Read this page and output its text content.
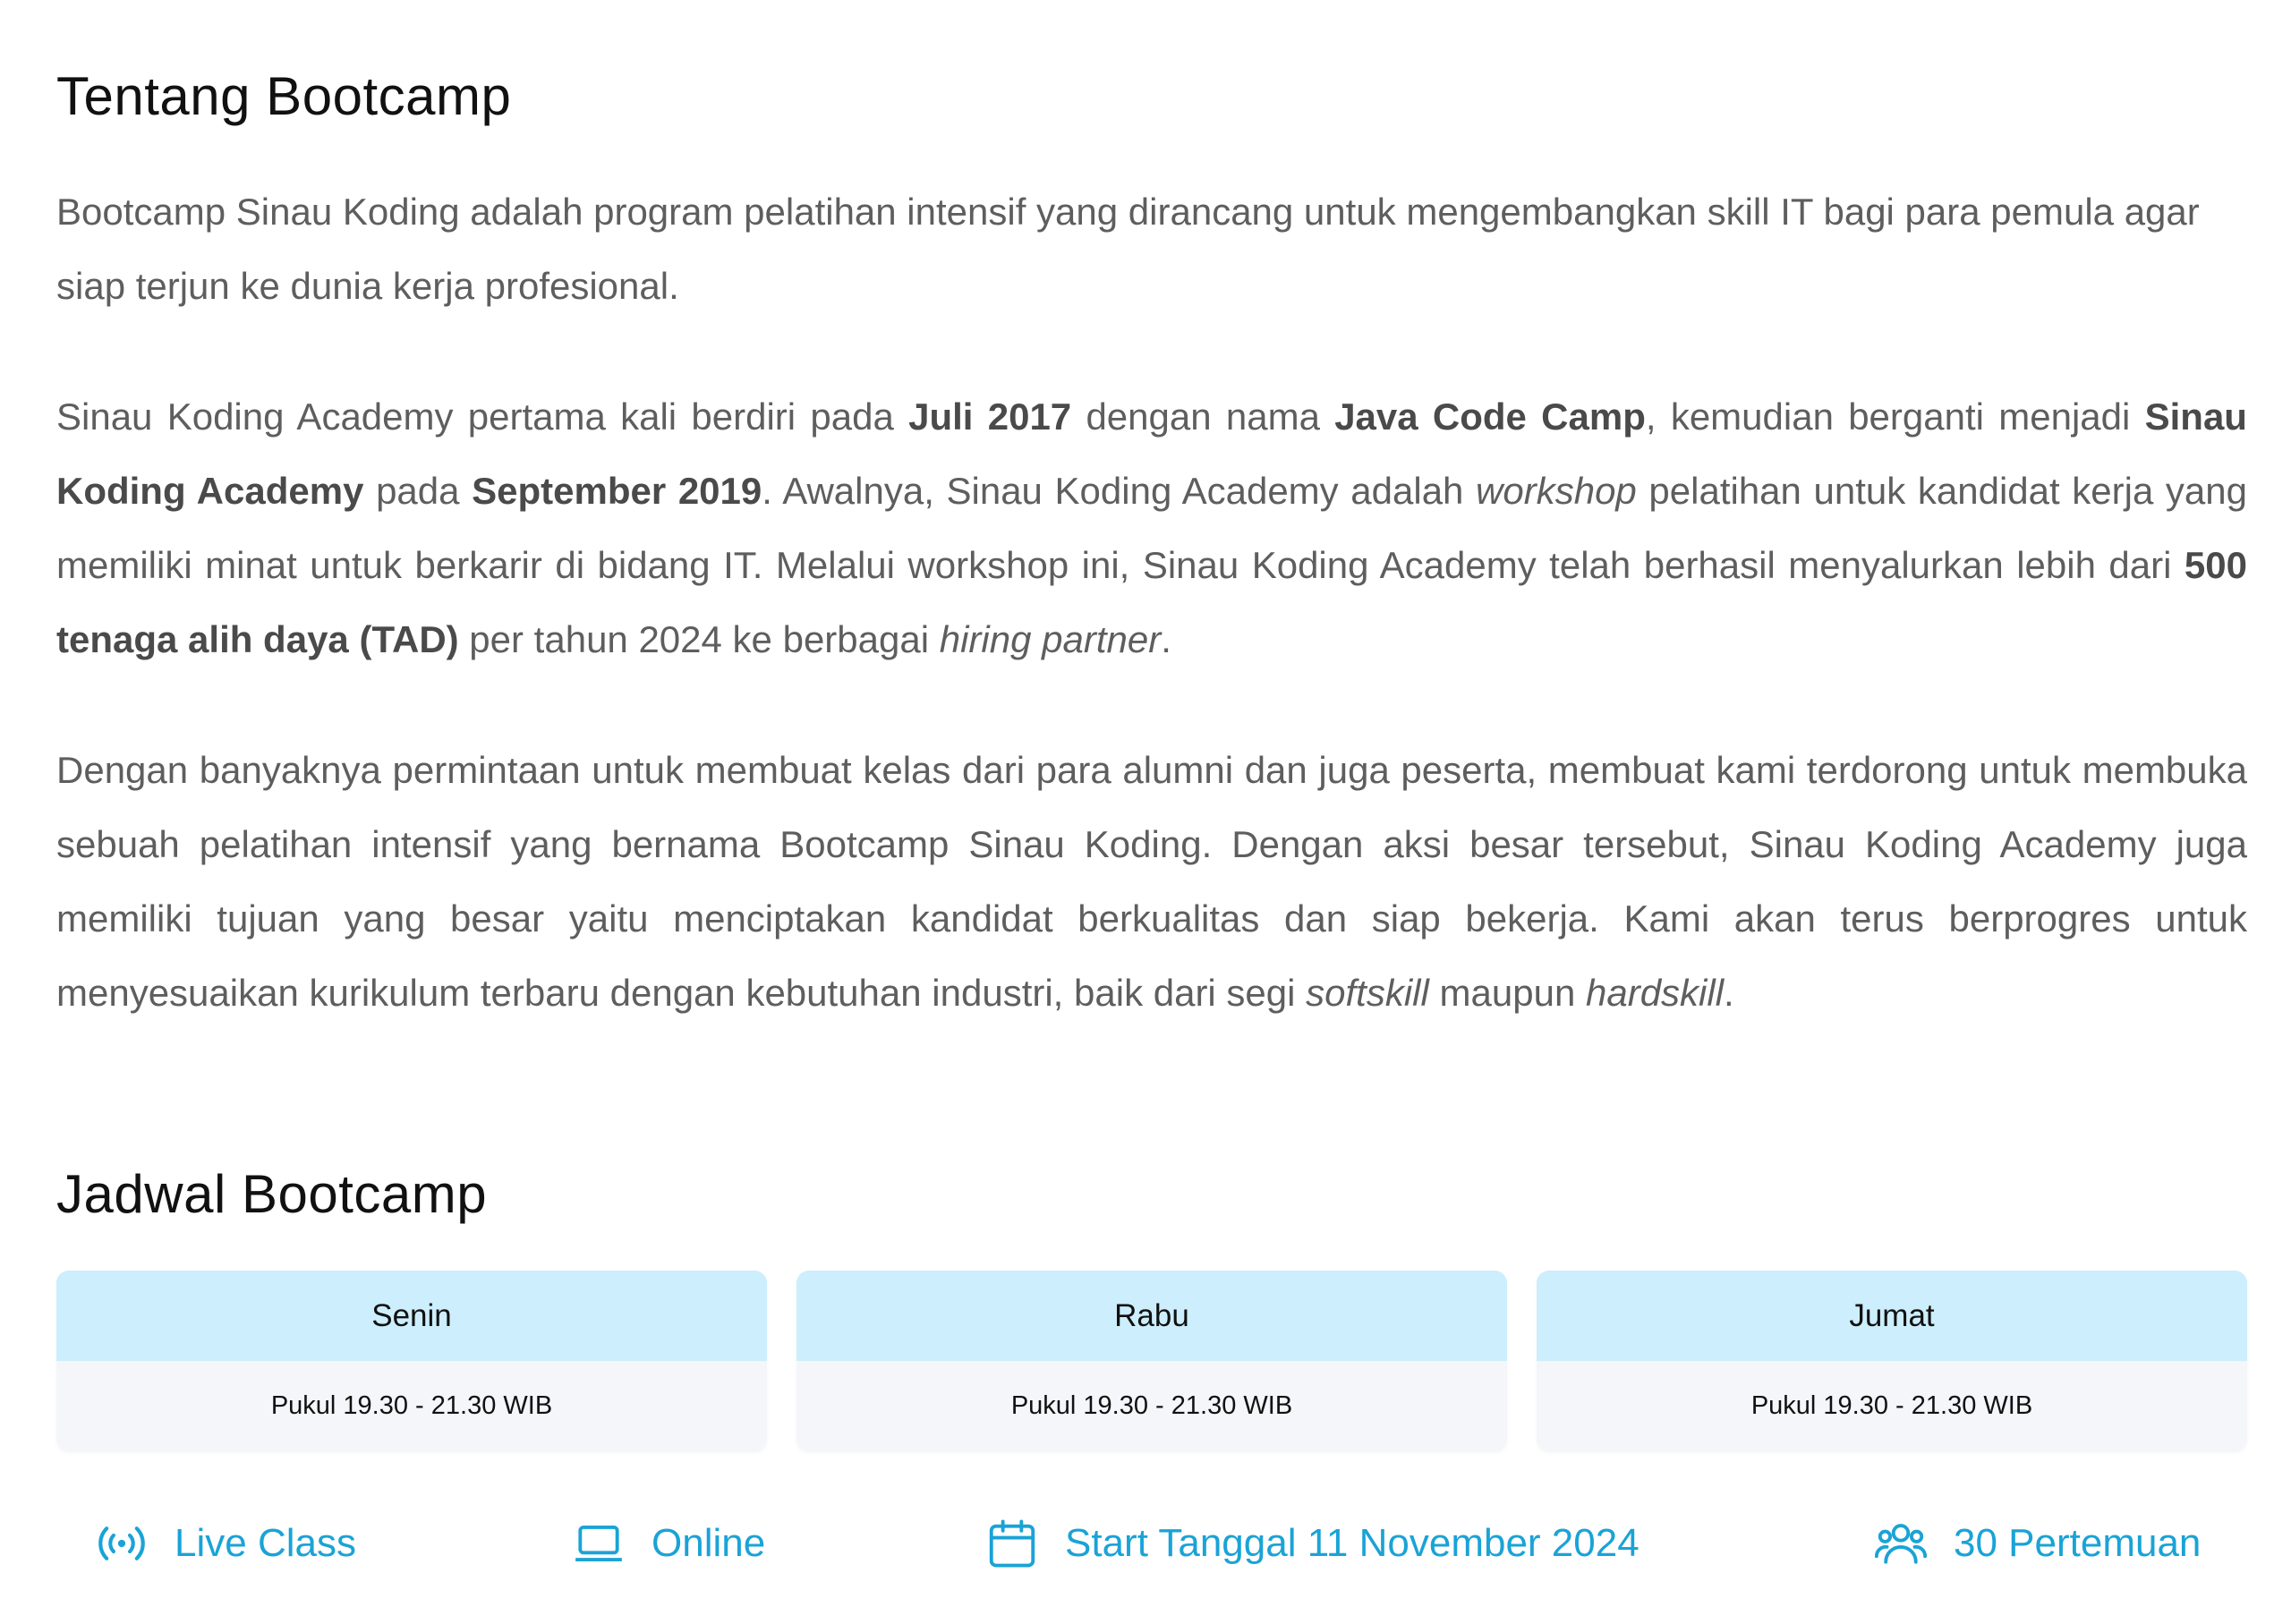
Tentang Bootcamp

Bootcamp Sinau Koding adalah program pelatihan intensif yang dirancang untuk mengembangkan skill IT bagi para pemula agar siap terjun ke dunia kerja profesional.

Sinau Koding Academy pertama kali berdiri pada Juli 2017 dengan nama Java Code Camp, kemudian berganti menjadi Sinau Koding Academy pada September 2019. Awalnya, Sinau Koding Academy adalah workshop pelatihan untuk kandidat kerja yang memiliki minat untuk berkarir di bidang IT. Melalui workshop ini, Sinau Koding Academy telah berhasil menyalurkan lebih dari 500 tenaga alih daya (TAD) per tahun 2024 ke berbagai hiring partner.

Dengan banyaknya permintaan untuk membuat kelas dari para alumni dan juga peserta, membuat kami terdorong untuk membuka sebuah pelatihan intensif yang bernama Bootcamp Sinau Koding. Dengan aksi besar tersebut, Sinau Koding Academy juga memiliki tujuan yang besar yaitu menciptakan kandidat berkualitas dan siap bekerja. Kami akan terus berprogres untuk menyesuaikan kurikulum terbaru dengan kebutuhan industri, baik dari segi softskill maupun hardskill.

Jadwal Bootcamp
Senin
Pukul 19.30 - 21.30 WIB
Rabu
Pukul 19.30 - 21.30 WIB
Jumat
Pukul 19.30 - 21.30 WIB
Live Class	Online	Start Tanggal 11 November 2024	30 Pertemuan
